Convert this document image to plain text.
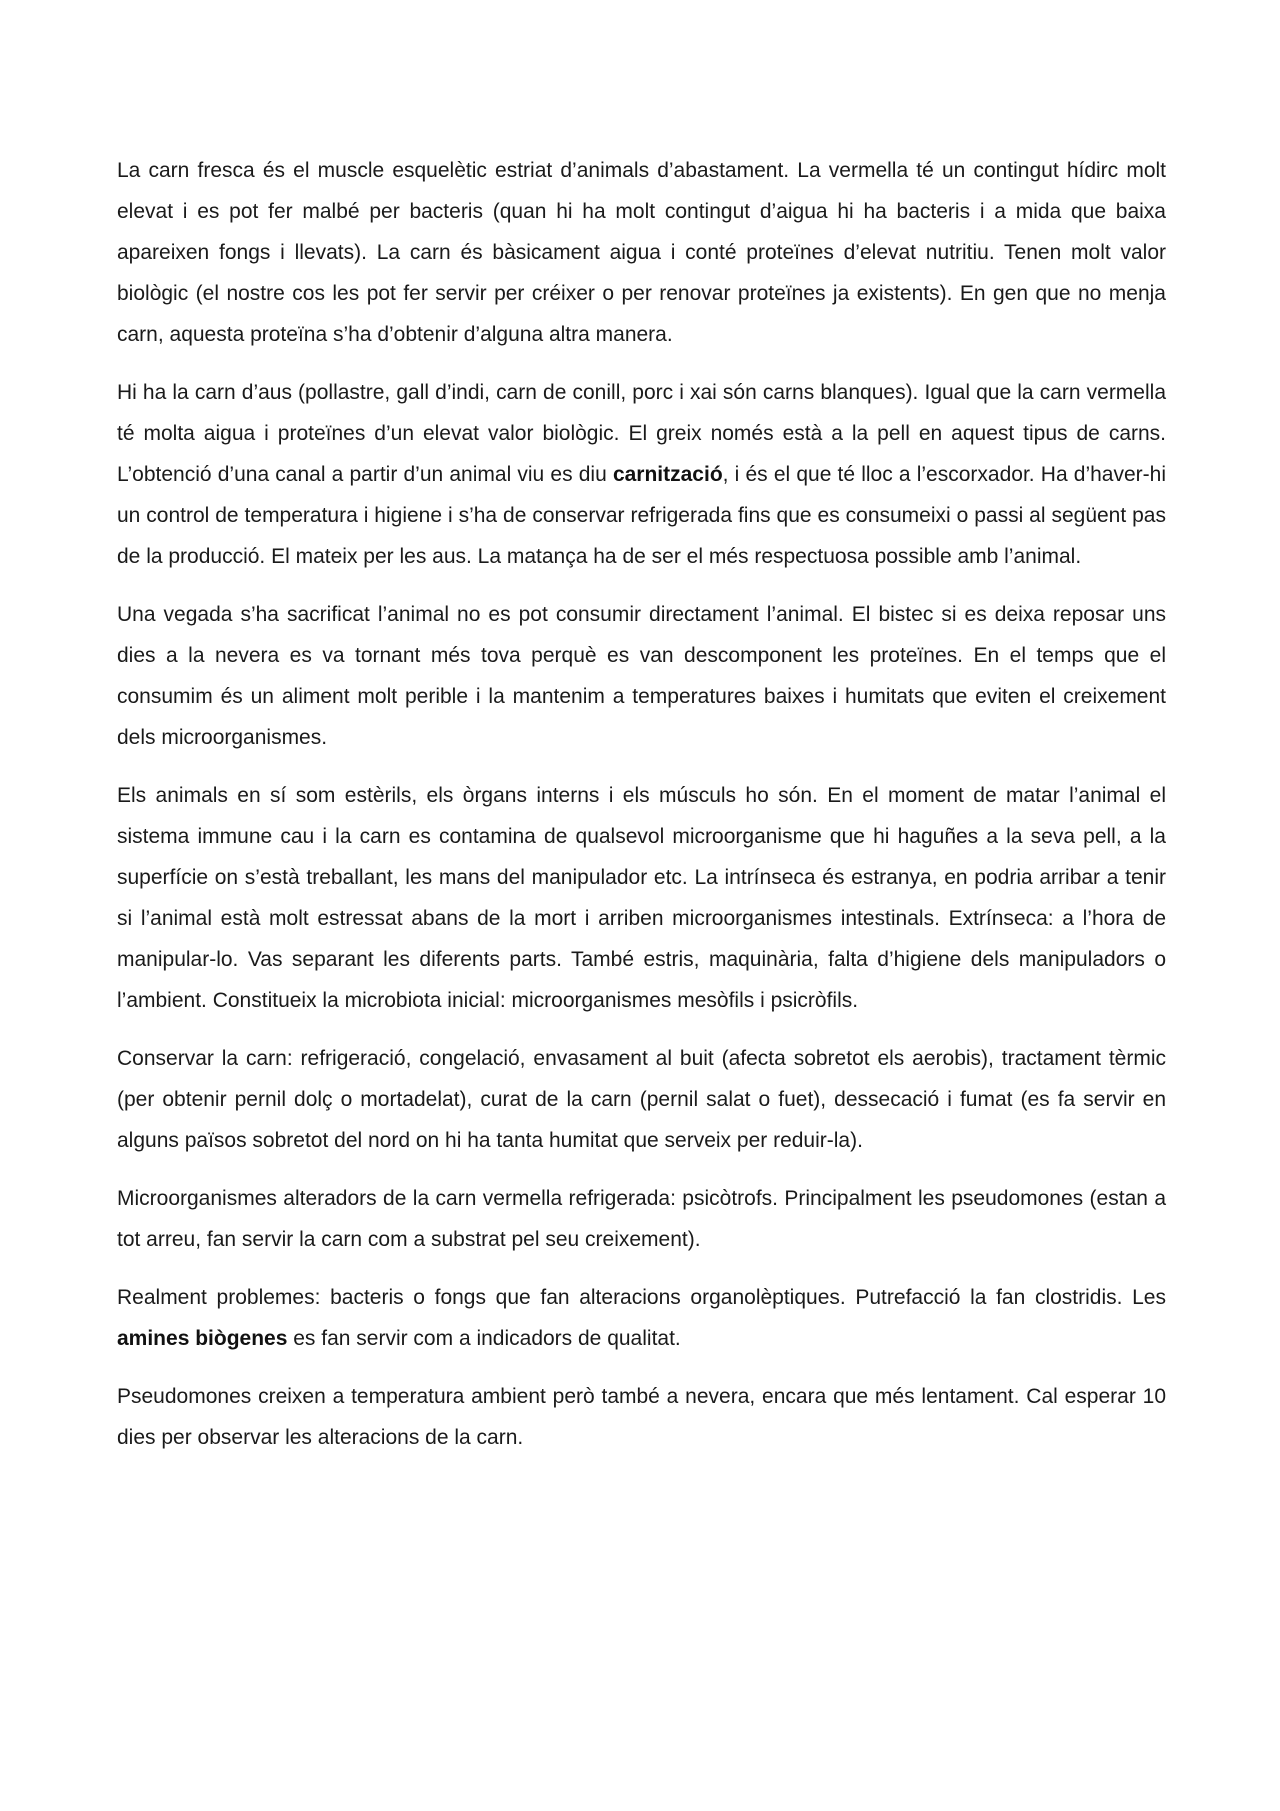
La carn fresca és el muscle esquelètic estriat d’animals d’abastament. La vermella té un contingut hídirc molt elevat i es pot fer malbé per bacteris (quan hi ha molt contingut d’aigua hi ha bacteris i a mida que baixa apareixen fongs i llevats). La carn és bàsicament aigua i conté proteïnes d’elevat nutritiu. Tenen molt valor biològic (el nostre cos les pot fer servir per créixer o per renovar proteïnes ja existents). En gen que no menja carn, aquesta proteïna s’ha d’obtenir d’alguna altra manera.

Hi ha la carn d’aus (pollastre, gall d’indi, carn de conill, porc i xai són carns blanques). Igual que la carn vermella té molta aigua i proteïnes d’un elevat valor biològic. El greix només està a la pell en aquest tipus de carns. L’obtenció d’una canal a partir d’un animal viu es diu carnització, i és el que té lloc a l’escorxador. Ha d’haver-hi un control de temperatura i higiene i s’ha de conservar refrigerada fins que es consumeixi o passi al següent pas de la producció. El mateix per les aus. La matança ha de ser el més respectuosa possible amb l’animal.

Una vegada s’ha sacrificat l’animal no es pot consumir directament l’animal. El bistec si es deixa reposar uns dies a la nevera es va tornant més tova perquè es van descomponent les proteïnes. En el temps que el consumim és un aliment molt perible i la mantenim a temperatures baixes i humitats que eviten el creixement dels microorganismes.

Els animals en sí som estèrils, els òrgans interns i els músculs ho són. En el moment de matar l’animal el sistema immune cau i la carn es contamina de qualsevol microorganisme que hi haguñes a la seva pell, a la superfície on s’està treballant, les mans del manipulador etc. La intrínseca és estranya, en podria arribar a tenir si l’animal està molt estressat abans de la mort i arriben microorganismes intestinals. Extrínseca: a l’hora de manipular-lo. Vas separant les diferents parts. També estris, maquinària, falta d’higiene dels manipuladors o l’ambient. Constitueix la microbiota inicial: microorganismes mesòfils i psicròfils.

Conservar la carn: refrigeració, congelació, envasament al buit (afecta sobretot els aerobis), tractament tèrmic (per obtenir pernil dolç o mortadelat), curat de la carn (pernil salat o fuet), dessecació i fumat (es fa servir en alguns països sobretot del nord on hi ha tanta humitat que serveix per reduir-la).

Microorganismes alteradors de la carn vermella refrigerada: psicòtrofs. Principalment les pseudomones (estan a tot arreu, fan servir la carn com a substrat pel seu creixement).

Realment problemes: bacteris o fongs que fan alteracions organolèptiques. Putrefacció la fan clostridis. Les amines biògenes es fan servir com a indicadors de qualitat.

Pseudomones creixen a temperatura ambient però també a nevera, encara que més lentament. Cal esperar 10 dies per observar les alteracions de la carn.
